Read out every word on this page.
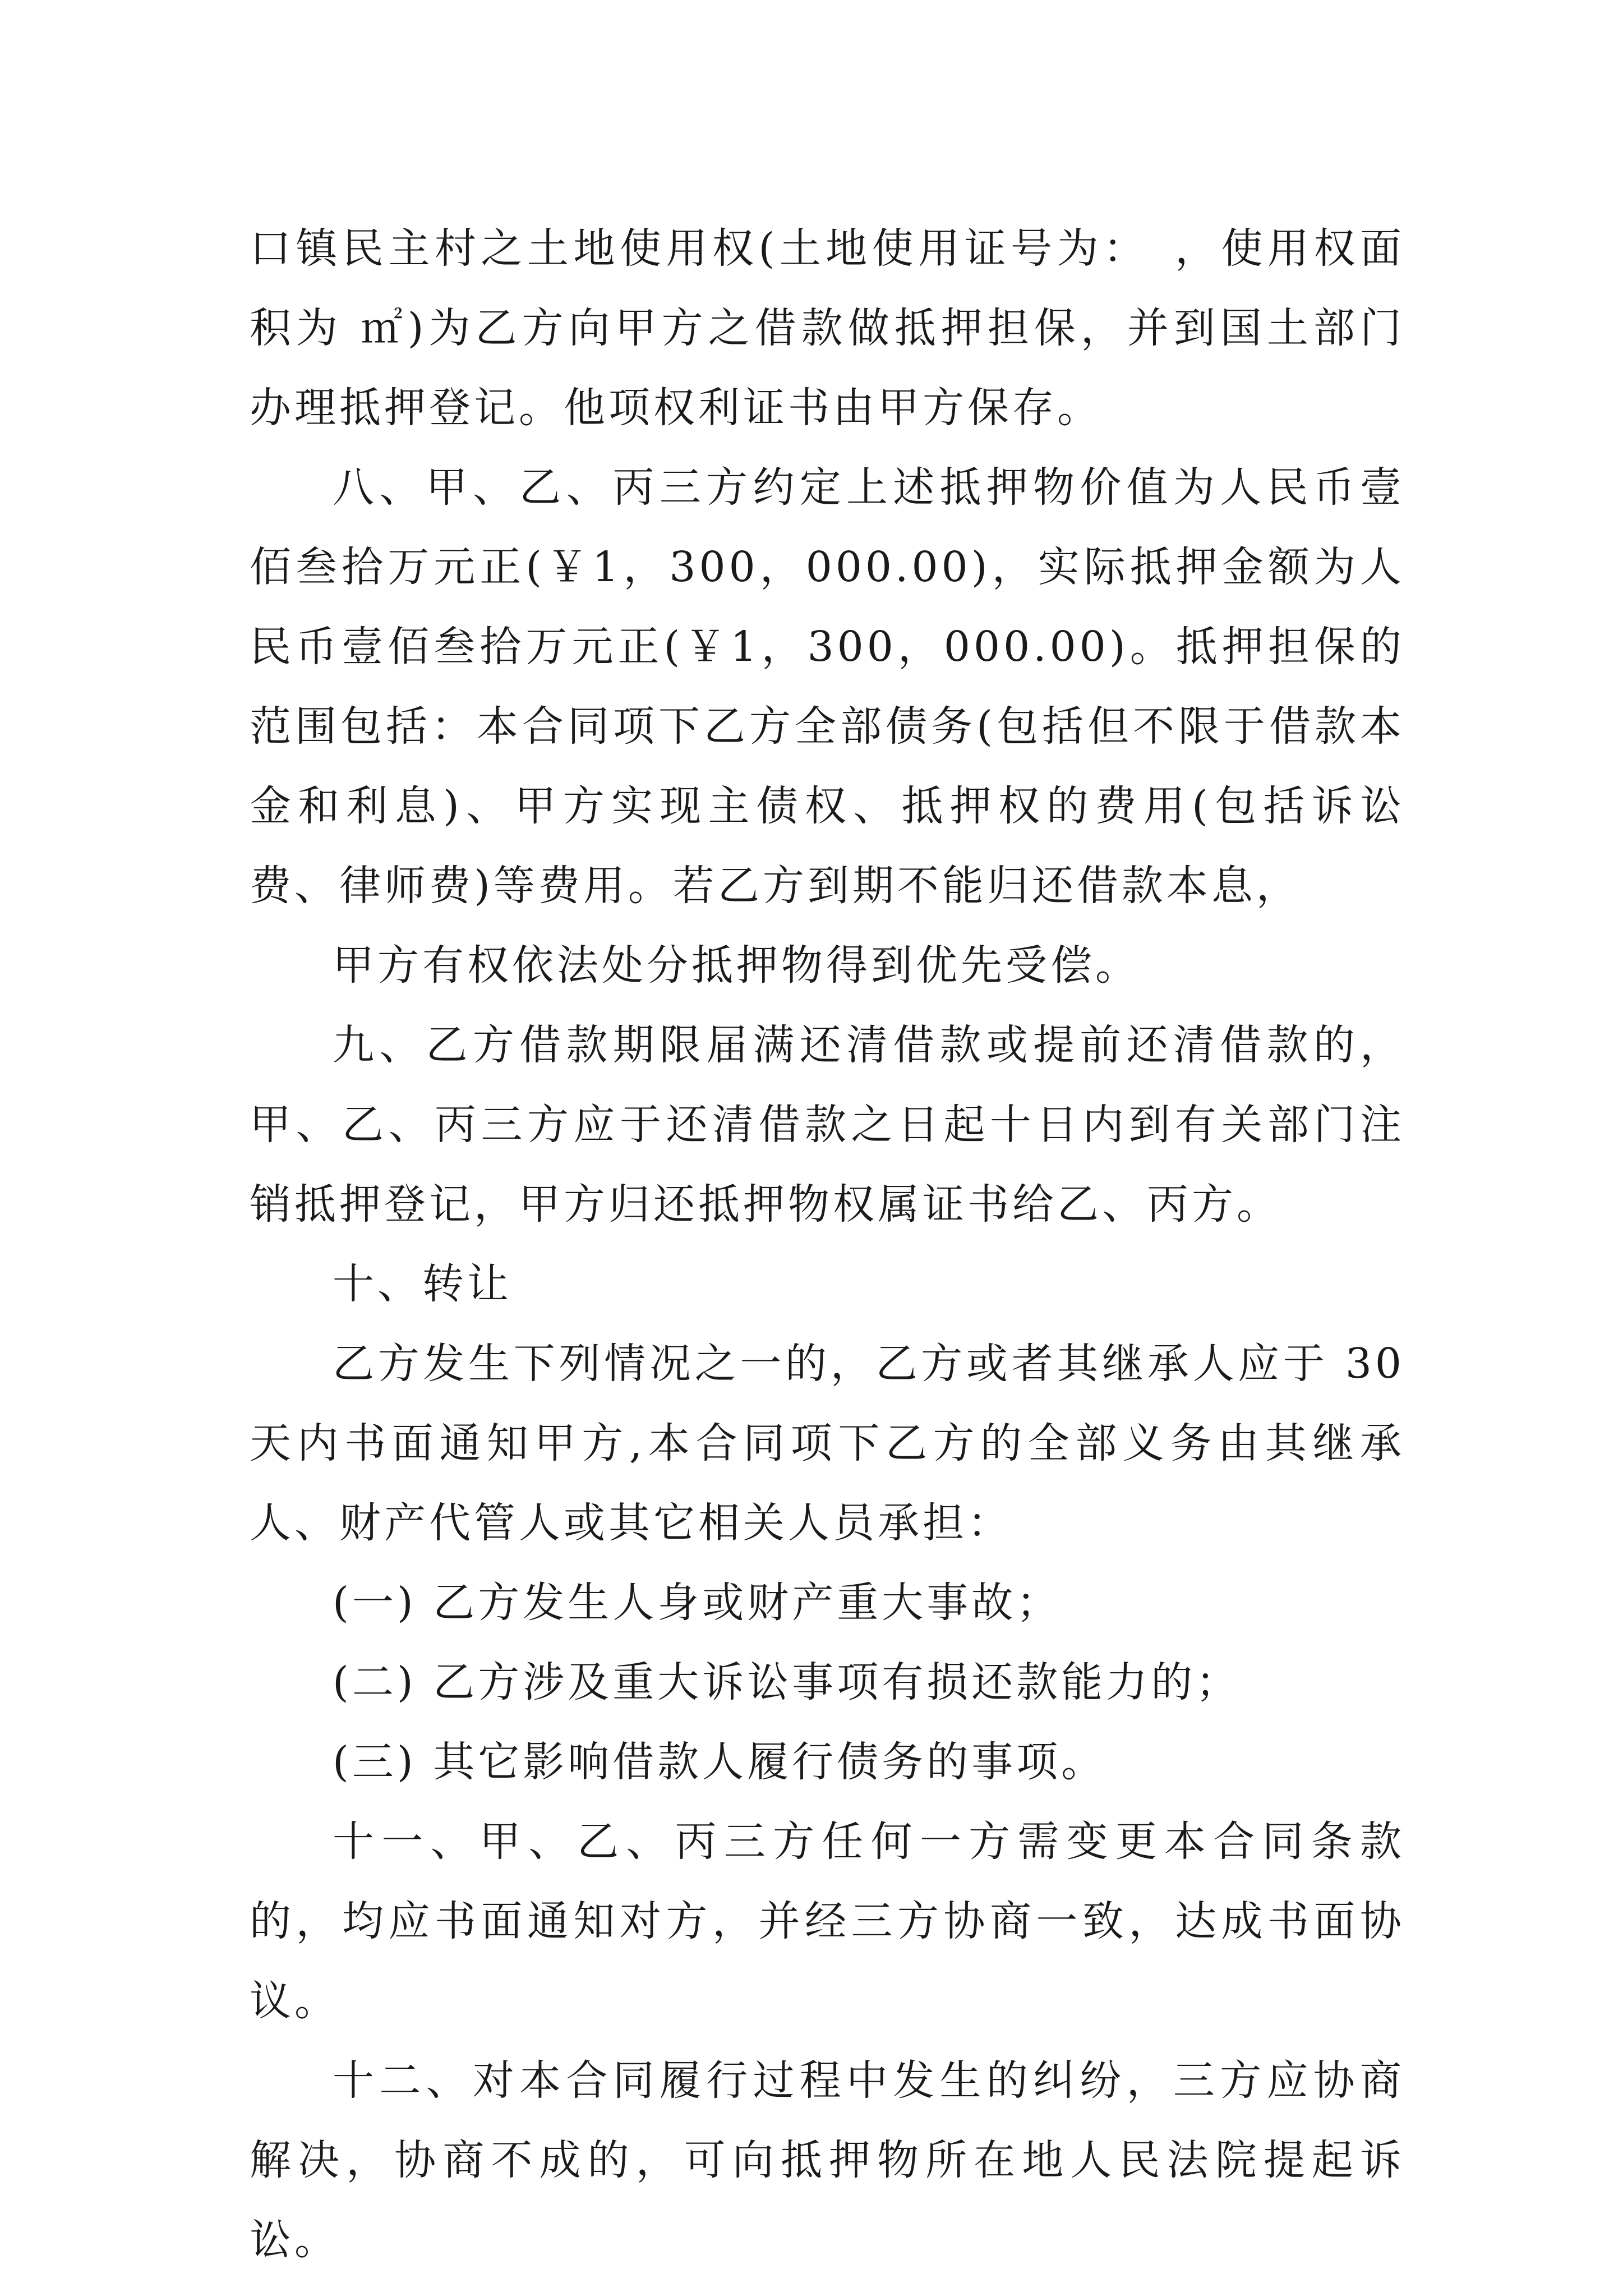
口镇民主村之土地使用权(土地使用证号为：　，使用权面积为 ㎡)为乙方向甲方之借款做抵押担保，并到国土部门办理抵押登记。他项权利证书由甲方保存。

八、甲、乙、丙三方约定上述抵押物价值为人民币壹佰叁拾万元正(￥1，300，000.00)，实际抵押金额为人民币壹佰叁拾万元正(￥1，300，000.00)。抵押担保的范围包括：本合同项下乙方全部债务(包括但不限于借款本金和利息)、甲方实现主债权、抵押权的费用(包括诉讼费、律师费)等费用。若乙方到期不能归还借款本息，

甲方有权依法处分抵押物得到优先受偿。

九、乙方借款期限届满还清借款或提前还清借款的，甲、乙、丙三方应于还清借款之日起十日内到有关部门注销抵押登记，甲方归还抵押物权属证书给乙、丙方。

十、转让

乙方发生下列情况之一的，乙方或者其继承人应于 30 天内书面通知甲方,本合同项下乙方的全部义务由其继承人、财产代管人或其它相关人员承担：

(一) 乙方发生人身或财产重大事故；

(二) 乙方涉及重大诉讼事项有损还款能力的；

(三) 其它影响借款人履行债务的事项。

十一、甲、乙、丙三方任何一方需变更本合同条款的，均应书面通知对方，并经三方协商一致，达成书面协议。

十二、对本合同履行过程中发生的纠纷，三方应协商解决，协商不成的，可向抵押物所在地人民法院提起诉讼。
